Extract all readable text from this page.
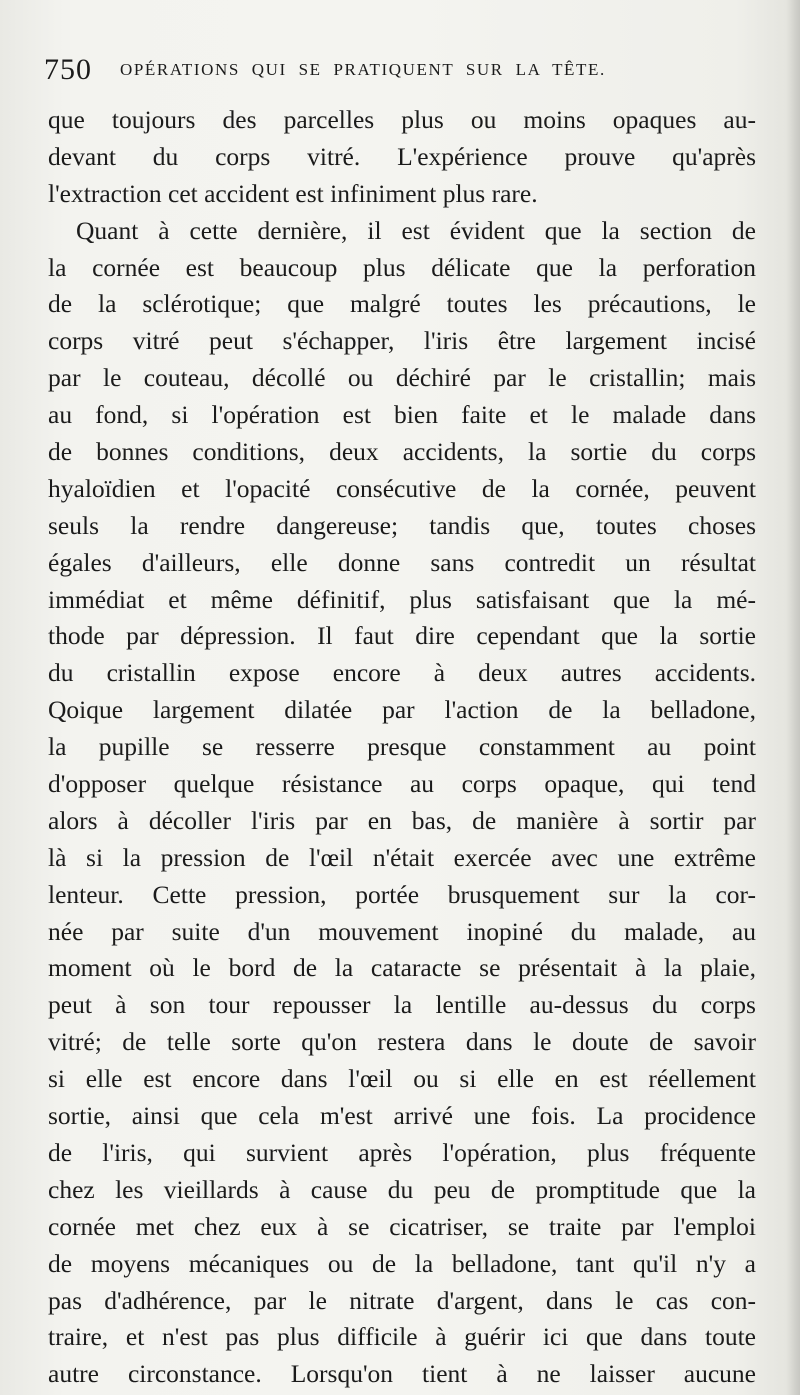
750 OPÉRATIONS QUI SE PRATIQUENT SUR LA TÊTE.
que toujours des parcelles plus ou moins opaques au-
devant du corps vitré. L'expérience prouve qu'après
l'extraction cet accident est infiniment plus rare.
Quant à cette dernière, il est évident que la section de
la cornée est beaucoup plus délicate que la perforation
de la sclérotique; que malgré toutes les précautions, le
corps vitré peut s'échapper, l'iris être largement incisé
par le couteau, décollé ou déchiré par le cristallin; mais
au fond, si l'opération est bien faite et le malade dans
de bonnes conditions, deux accidents, la sortie du corps
hyaloïdien et l'opacité consécutive de la cornée, peuvent
seuls la rendre dangereuse; tandis que, toutes choses
égales d'ailleurs, elle donne sans contredit un résultat
immédiat et même définitif, plus satisfaisant que la mé-
thode par dépression. Il faut dire cependant que la sortie
du cristallin expose encore à deux autres accidents.
Qoique largement dilatée par l'action de la belladone,
la pupille se resserre presque constamment au point
d'opposer quelque résistance au corps opaque, qui tend
alors à décoller l'iris par en bas, de manière à sortir par
là si la pression de l'œil n'était exercée avec une extrême
lenteur. Cette pression, portée brusquement sur la cor-
née par suite d'un mouvement inopiné du malade, au
moment où le bord de la cataracte se présentait à la plaie,
peut à son tour repousser la lentille au-dessus du corps
vitré; de telle sorte qu'on restera dans le doute de savoir
si elle est encore dans l'œil ou si elle en est réellement
sortie, ainsi que cela m'est arrivé une fois. La procidence
de l'iris, qui survient après l'opération, plus fréquente
chez les vieillards à cause du peu de promptitude que la
cornée met chez eux à se cicatriser, se traite par l'emploi
de moyens mécaniques ou de la belladone, tant qu'il n'y a
pas d'adhérence, par le nitrate d'argent, dans le cas con-
traire, et n'est pas plus difficile à guérir ici que dans toute
autre circonstance. Lorsqu'on tient à ne laisser aucune
